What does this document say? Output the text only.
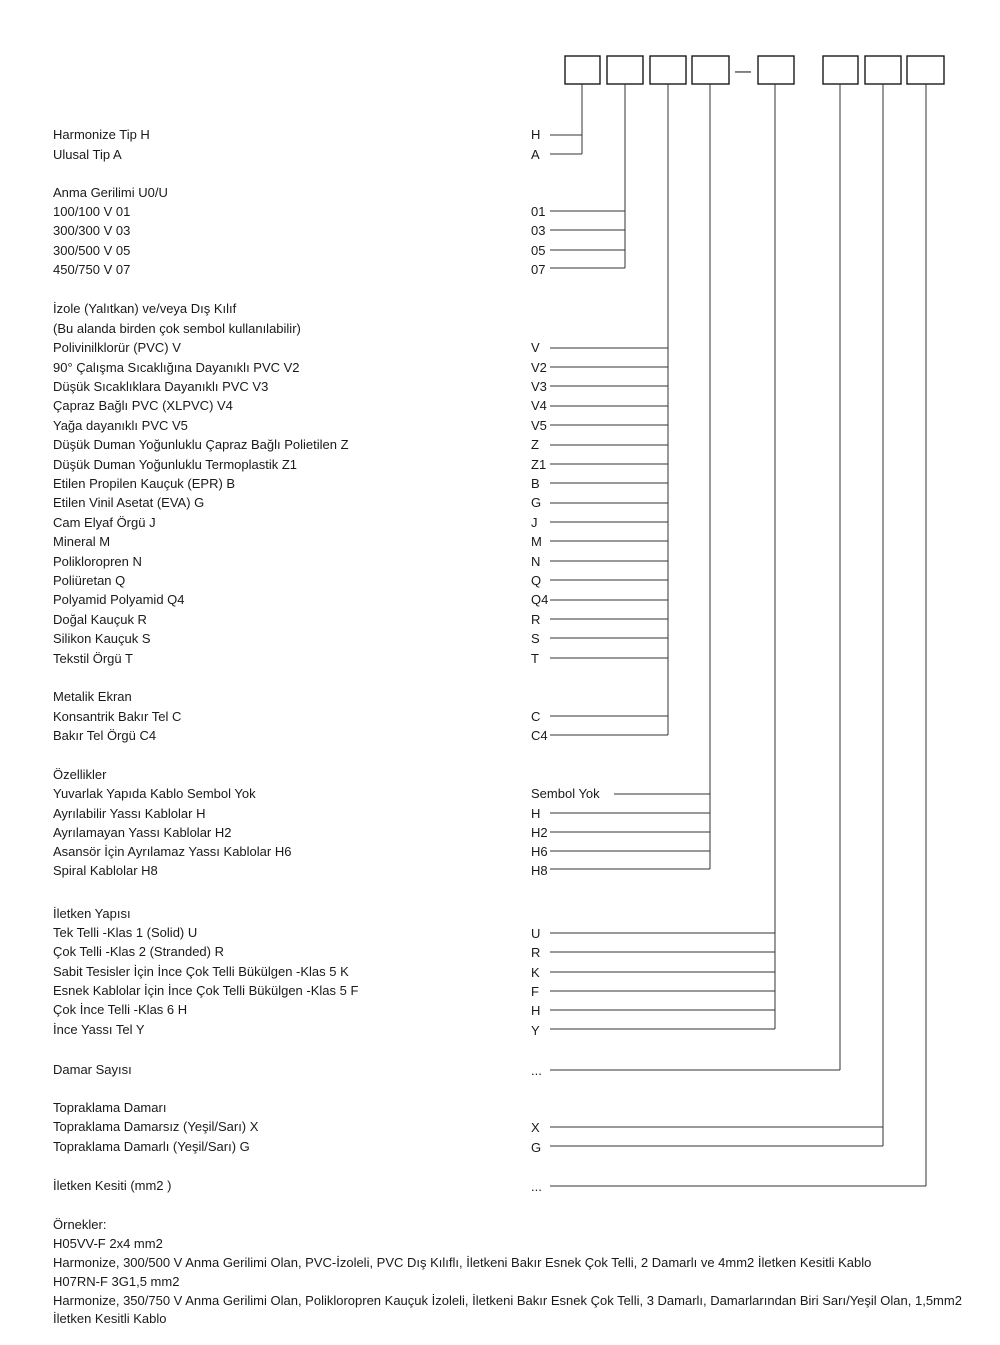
—
Harmonize Tip H	H
Ulusal Tip A	A
Anma Gerilimi U0/U
100/100 V 01	01
300/300 V 03	03
300/500 V 05	05
450/750 V 07	07
İzole (Yalıtkan) ve/veya Dış Kılıf
(Bu alanda birden çok sembol kullanılabilir)
Polivinilklorür (PVC) V	V
90° Çalışma Sıcaklığına Dayanıklı PVC V2	V2
Düşük Sıcaklıklara Dayanıklı PVC V3	V3
Çapraz Bağlı PVC (XLPVC) V4	V4
Yağa dayanıklı PVC V5	V5
Düşük Duman Yoğunluklu Çapraz Bağlı Polietilen Z	Z
Düşük Duman Yoğunluklu Termoplastik Z1	Z1
Etilen Propilen Kauçuk (EPR) B	B
Etilen Vinil Asetat (EVA) G	G
Cam Elyaf Örgü J	J
Mineral M	M
Polikloropren N	N
Poliüretan Q	Q
Polyamid Polyamid Q4	Q4
Doğal Kauçuk R	R
Silikon Kauçuk S	S
Tekstil Örgü T	T
Metalik Ekran
Konsantrik Bakır Tel C	C
Bakır Tel Örgü C4	C4
Özellikler
Yuvarlak Yapıda Kablo Sembol Yok	Sembol Yok
Ayrılabilir Yassı Kablolar H	H
Ayrılamayan Yassı Kablolar H2	H2
Asansör İçin Ayrılamaz Yassı Kablolar H6	H6
Spiral Kablolar H8	H8
İletken Yapısı
Tek Telli -Klas 1 (Solid) U	U
Çok Telli -Klas 2 (Stranded) R	R
Sabit Tesisler İçin İnce Çok Telli Bükülgen -Klas 5 K	K
Esnek Kablolar İçin İnce Çok Telli Bükülgen -Klas 5 F	F
Çok İnce Telli -Klas 6 H	H
İnce Yassı Tel Y	Y
Damar Sayısı	...
Topraklama Damarı
Topraklama Damarsız (Yeşil/Sarı) X	X
Topraklama Damarlı (Yeşil/Sarı) G	G
İletken Kesiti (mm2 )	...

Örnekler:

H05VV-F 2x4 mm2

Harmonize, 300/500 V Anma Gerilimi Olan, PVC-İzoleli, PVC Dış Kılıflı, İletkeni Bakır Esnek Çok Telli, 2 Damarlı ve 4mm2 İletken Kesitli Kablo

H07RN-F 3G1,5 mm2

Harmonize, 350/750 V Anma Gerilimi Olan, Polikloropren Kauçuk İzoleli, İletkeni Bakır Esnek Çok Telli, 3 Damarlı, Damarlarından Biri Sarı/Yeşil Olan, 1,5mm2 İletken Kesitli Kablo
